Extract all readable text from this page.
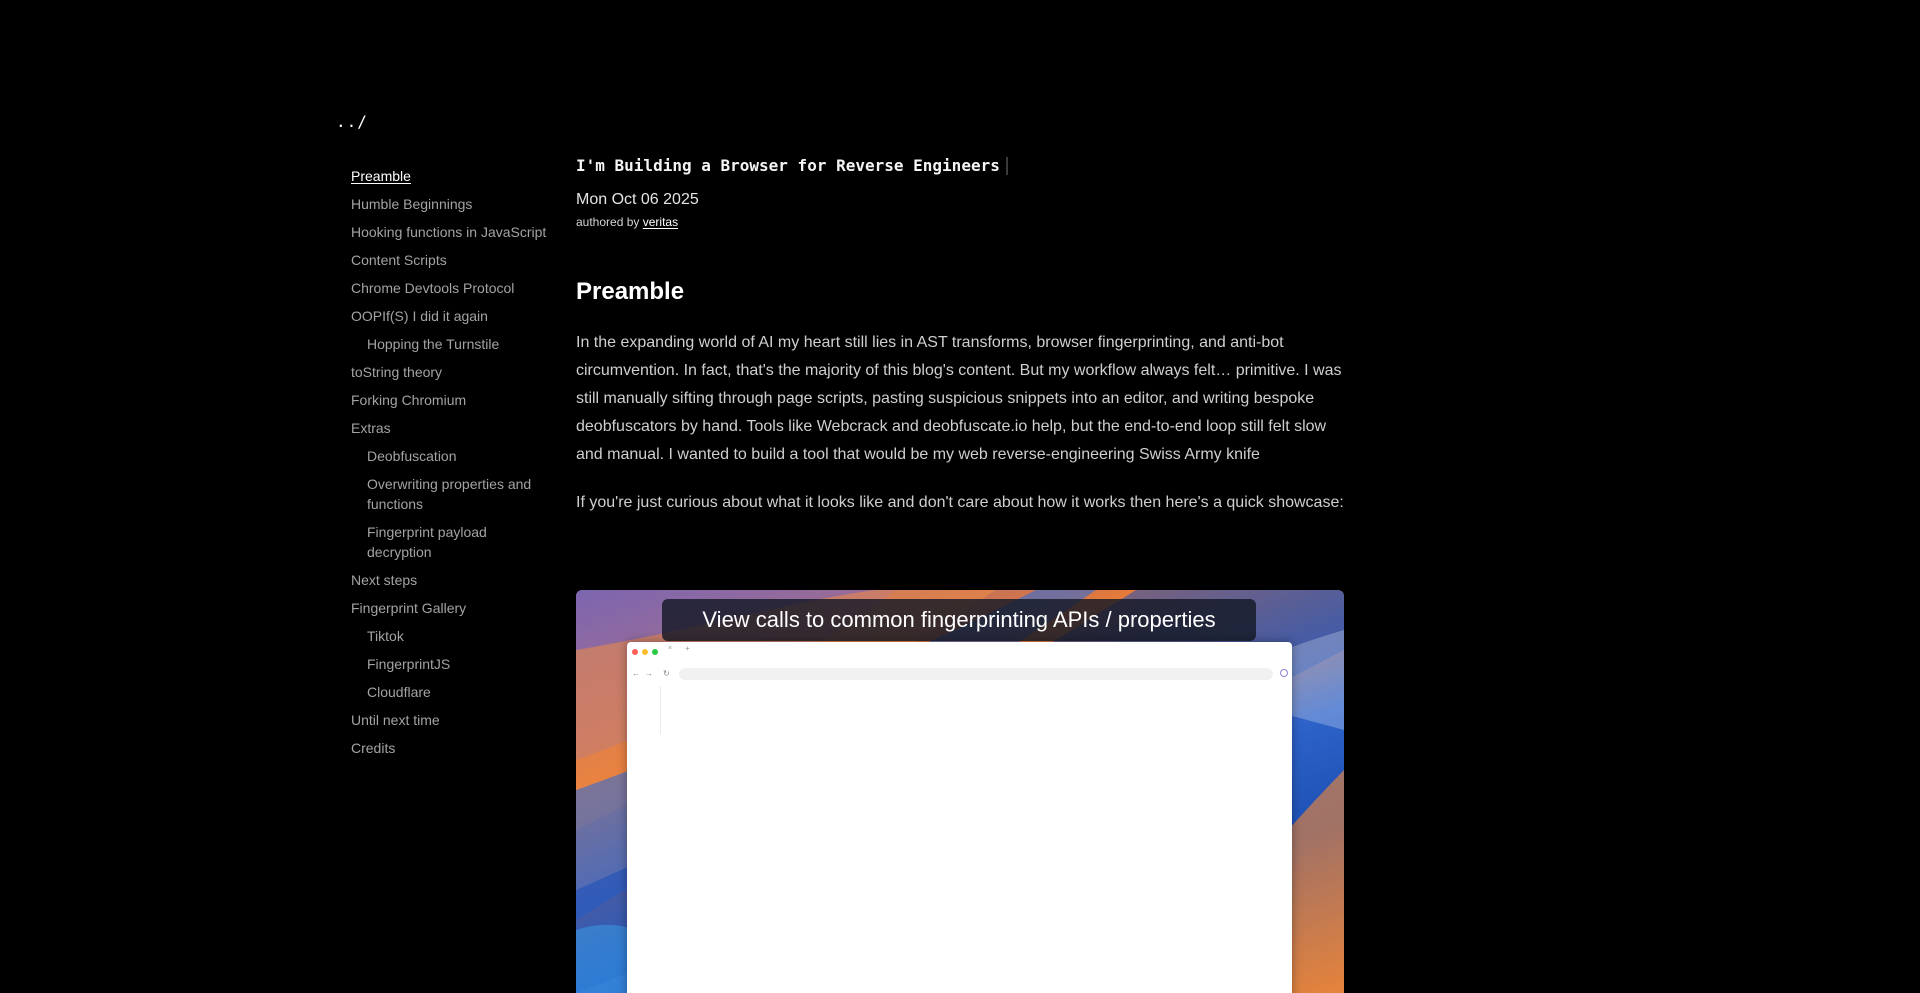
../
Preamble
Humble Beginnings
Hooking functions in JavaScript
Content Scripts
Chrome Devtools Protocol
OOPIf(S) I did it again
Hopping the Turnstile
toString theory
Forking Chromium
Extras
Deobfuscation
Overwriting properties and functions
Fingerprint payload decryption
Next steps
Fingerprint Gallery
Tiktok
FingerprintJS
Cloudflare
Until next time
Credits
I'm Building a Browser for Reverse Engineers
Mon Oct 06 2025
authored by veritas
Preamble

In the expanding world of AI my heart still lies in AST transforms, browser fingerprinting, and anti-bot circumvention. In fact, that's the majority of this blog's content. But my workflow always felt… primitive. I was still manually sifting through page scripts, pasting suspicious snippets into an editor, and writing bespoke deobfuscators by hand. Tools like Webcrack and deobfuscate.io help, but the end-to-end loop still felt slow and manual. I wanted to build a tool that would be my web reverse-engineering Swiss Army knife

If you're just curious about what it looks like and don't care about how it works then here's a quick showcase:

View calls to common fingerprinting APIs / properties
× +
← → ↻
